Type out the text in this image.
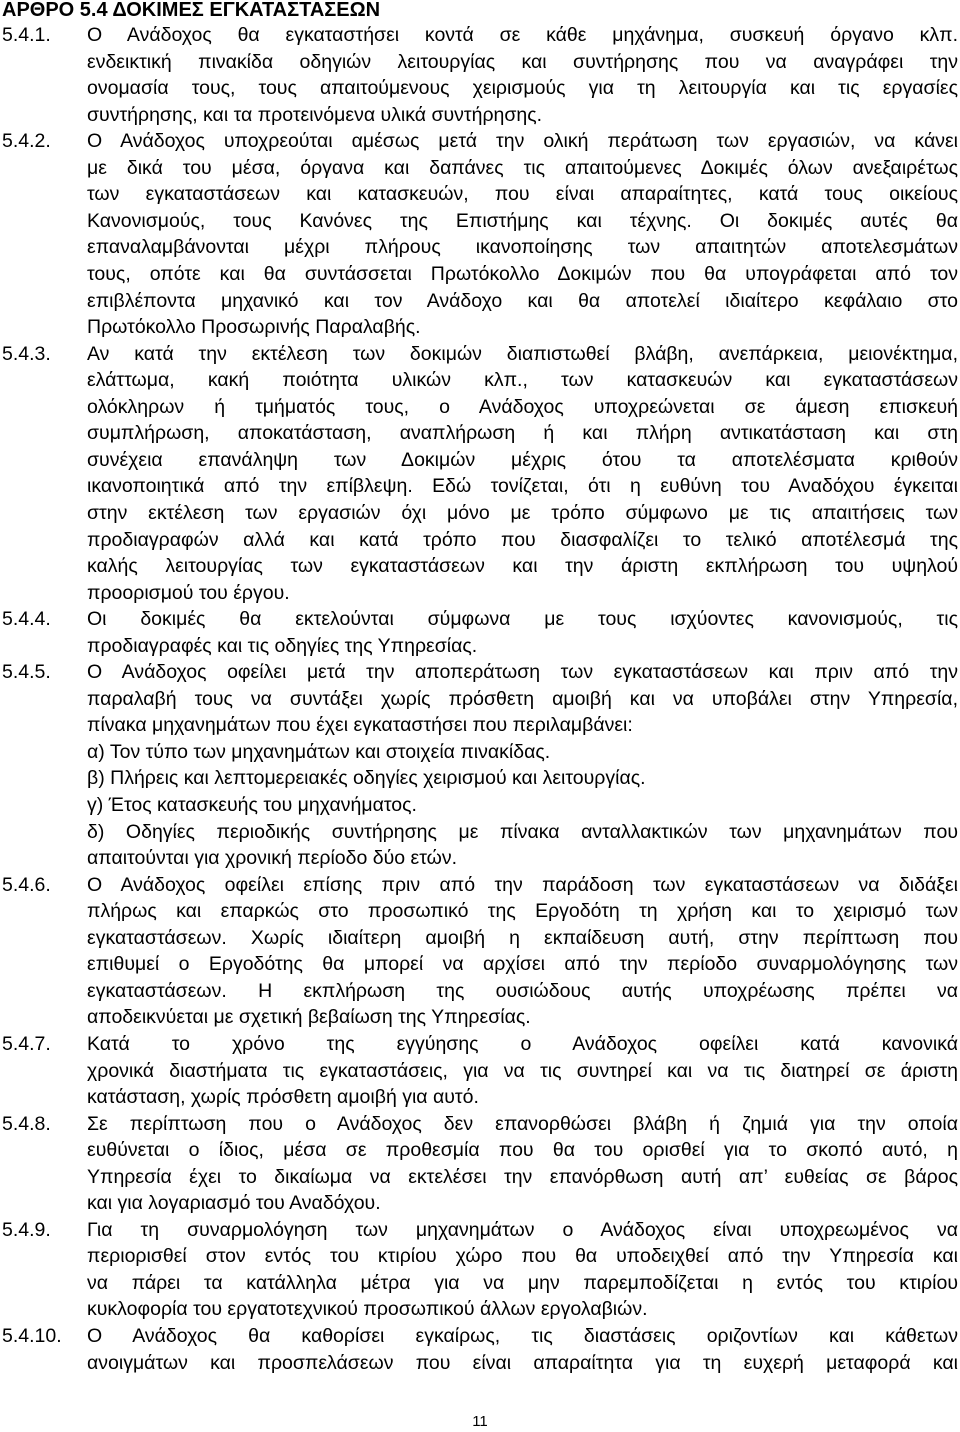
ΑΡΘΡΟ 5.4 ΔΟΚΙΜΕΣ ΕΓΚΑΤΑΣΤΑΣΕΩΝ
5.4.1. Ο Ανάδοχος θα εγκαταστήσει κοντά σε κάθε μηχάνημα, συσκευή όργανο κλπ.
ενδεικτική πινακίδα οδηγιών λειτουργίας και συντήρησης που να αναγράφει την
ονομασία τους, τους απαιτούμενους χειρισμούς για τη λειτουργία και τις εργασίες
συντήρησης, και τα προτεινόμενα υλικά συντήρησης.
5.4.2. Ο Ανάδοχος υποχρεούται αμέσως μετά την ολική περάτωση των εργασιών, να κάνει
με δικά του μέσα, όργανα και δαπάνες τις απαιτούμενες Δοκιμές όλων ανεξαιρέτως
των εγκαταστάσεων και κατασκευών, που είναι απαραίτητες, κατά τους οικείους
Κανονισμούς, τους Κανόνες της Επιστήμης και τέχνης. Οι δοκιμές αυτές θα
επαναλαμβάνονται μέχρι πλήρους ικανοποίησης των απαιτητών αποτελεσμάτων
τους, οπότε και θα συντάσσεται Πρωτόκολλο Δοκιμών που θα υπογράφεται από τον
επιβλέποντα μηχανικό και τον Ανάδοχο και θα αποτελεί ιδιαίτερο κεφάλαιο στο
Πρωτόκολλο Προσωρινής Παραλαβής.
5.4.3. Αν κατά την εκτέλεση των δοκιμών διαπιστωθεί βλάβη, ανεπάρκεια, μειονέκτημα,
ελάττωμα, κακή ποιότητα υλικών κλπ., των κατασκευών και εγκαταστάσεων
ολόκληρων ή τμήματός τους, ο Ανάδοχος υποχρεώνεται σε άμεση επισκευή
συμπλήρωση, αποκατάσταση, αναπλήρωση ή και πλήρη αντικατάσταση και στη
συνέχεια επανάληψη των Δοκιμών μέχρις ότου τα αποτελέσματα κριθούν
ικανοποιητικά από την επίβλεψη. Εδώ τονίζεται, ότι η ευθύνη του Αναδόχου έγκειται
στην εκτέλεση των εργασιών όχι μόνο με τρόπο σύμφωνο με τις απαιτήσεις των
προδιαγραφών αλλά και κατά τρόπο που διασφαλίζει το τελικό αποτέλεσμά της
καλής λειτουργίας των εγκαταστάσεων και την άριστη εκπλήρωση του υψηλού
προορισμού του έργου.
5.4.4. Οι δοκιμές θα εκτελούνται σύμφωνα με τους ισχύοντες κανονισμούς, τις
προδιαγραφές και τις οδηγίες της Υπηρεσίας.
5.4.5. Ο Ανάδοχος οφείλει μετά την αποπεράτωση των εγκαταστάσεων και πριν από την
παραλαβή τους να συντάξει χωρίς πρόσθετη αμοιβή και να υποβάλει στην Υπηρεσία,
πίνακα μηχανημάτων που έχει εγκαταστήσει που περιλαμβάνει:
α) Τον τύπο των μηχανημάτων και στοιχεία πινακίδας.
β) Πλήρεις και λεπτομερειακές οδηγίες χειρισμού και λειτουργίας.
γ) Έτος κατασκευής του μηχανήματος.
δ) Οδηγίες περιοδικής συντήρησης με πίνακα ανταλλακτικών των μηχανημάτων που
απαιτούνται για χρονική περίοδο δύο ετών.
5.4.6. Ο Ανάδοχος οφείλει επίσης πριν από την παράδοση των εγκαταστάσεων να διδάξει
πλήρως και επαρκώς στο προσωπικό της Εργοδότη τη χρήση και το χειρισμό των
εγκαταστάσεων. Χωρίς ιδιαίτερη αμοιβή η εκπαίδευση αυτή, στην περίπτωση που
επιθυμεί ο Εργοδότης θα μπορεί να αρχίσει από την περίοδο συναρμολόγησης των
εγκαταστάσεων. Η εκπλήρωση της ουσιώδους αυτής υποχρέωσης πρέπει να
αποδεικνύεται με σχετική βεβαίωση της Υπηρεσίας.
5.4.7. Κατά το χρόνο της εγγύησης ο Ανάδοχος οφείλει κατά κανονικά
χρονικά διαστήματα τις εγκαταστάσεις, για να τις συντηρεί και να τις διατηρεί σε άριστη
κατάσταση, χωρίς πρόσθετη αμοιβή για αυτό.
5.4.8. Σε περίπτωση που ο Ανάδοχος δεν επανορθώσει βλάβη ή ζημιά για την οποία
ευθύνεται ο ίδιος, μέσα σε προθεσμία που θα του ορισθεί για το σκοπό αυτό, η
Υπηρεσία έχει το δικαίωμα να εκτελέσει την επανόρθωση αυτή απ’ ευθείας σε βάρος
και για λογαριασμό του Αναδόχου.
5.4.9. Για τη συναρμολόγηση των μηχανημάτων ο Ανάδοχος είναι υποχρεωμένος να
περιορισθεί στον εντός του κτιρίου χώρο που θα υποδειχθεί από την Υπηρεσία και
να πάρει τα κατάλληλα μέτρα για να μην παρεμποδίζεται η εντός του κτιρίου
κυκλοφορία του εργατοτεχνικού προσωπικού άλλων εργολαβιών.
5.4.10. Ο Ανάδοχος θα καθορίσει εγκαίρως, τις διαστάσεις οριζοντίων και κάθετων
ανοιγμάτων και προσπελάσεων που είναι απαραίτητα για τη ευχερή μεταφορά και
11
